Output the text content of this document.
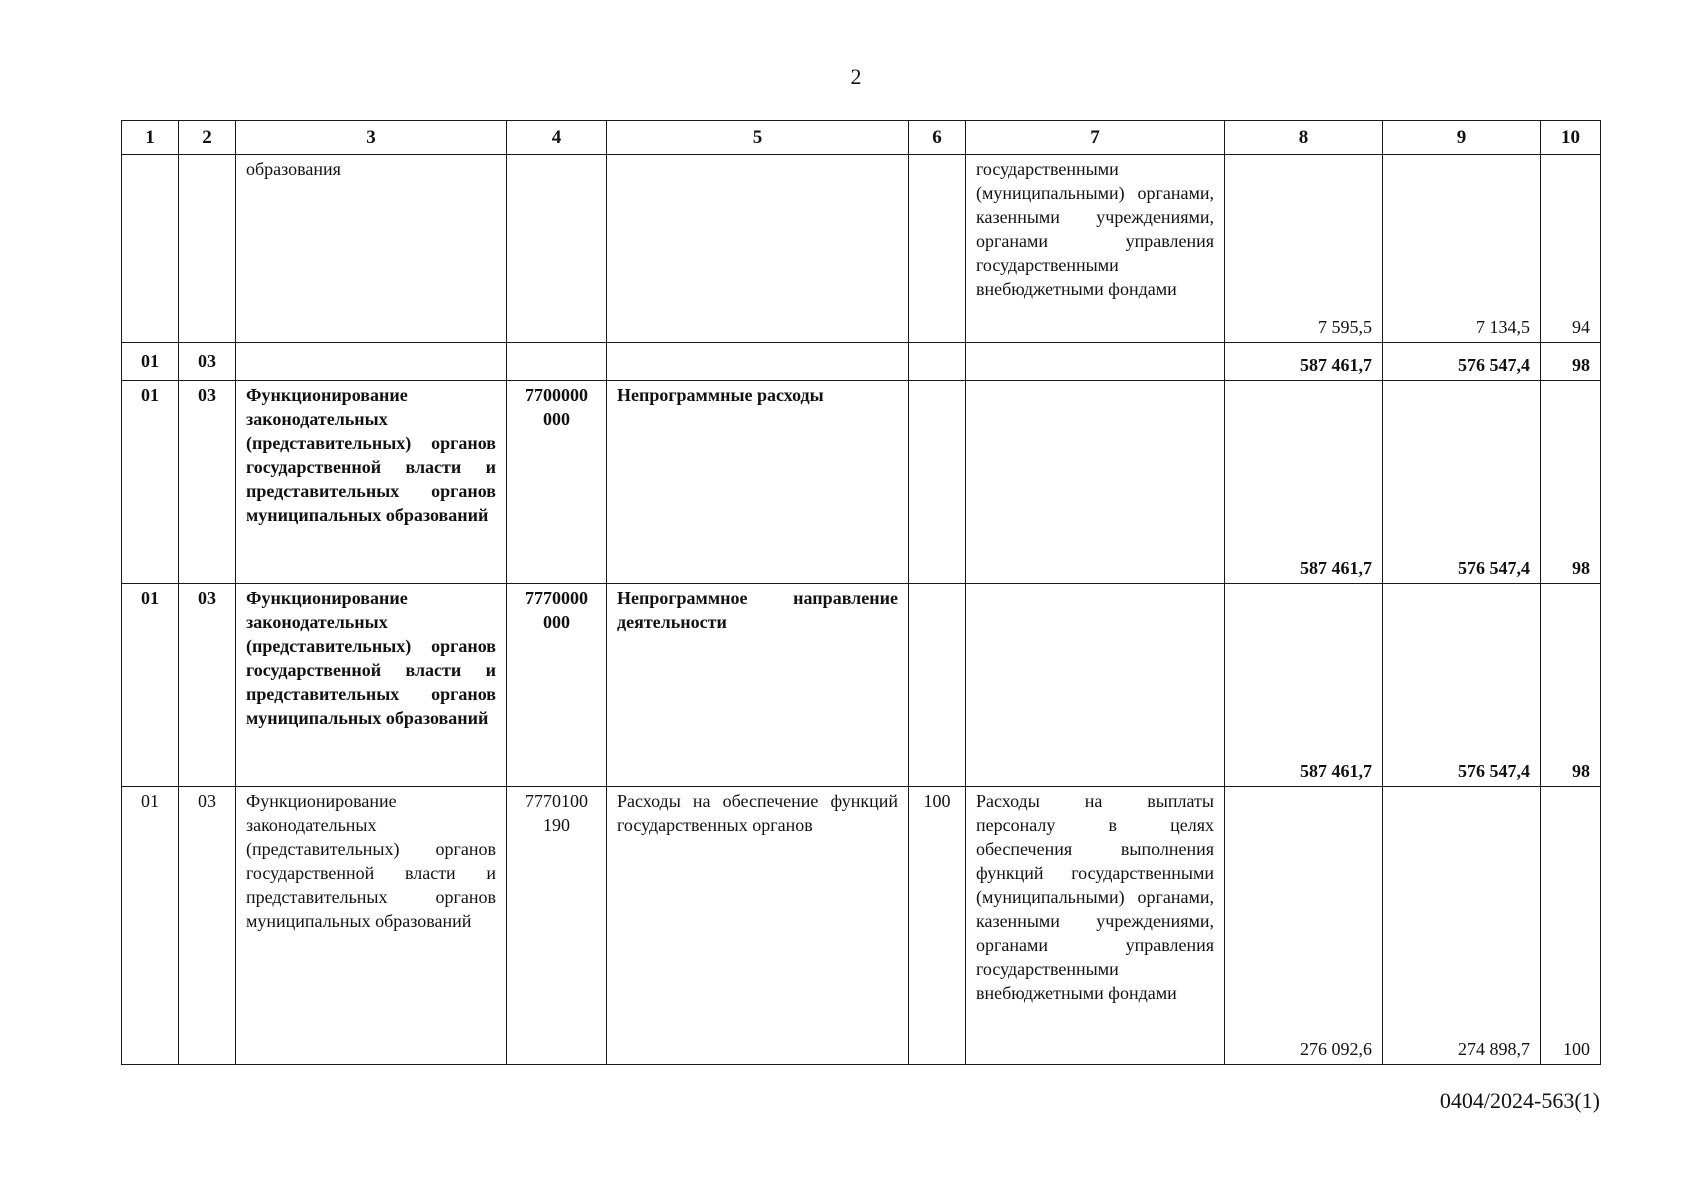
2
1	2	3	4	5	6	7	8	9	10
		образования				государственными (муниципальными) органами, казенными учреждениями, органами управления государственными внебюджетными фондами	7 595,5	7 134,5	94
01	03						587 461,7	576 547,4	98
01	03	Функционирование законодательных (представительных) органов государственной власти и представительных органов муниципальных образований	7700000 000	Непрограммные расходы			587 461,7	576 547,4	98
01	03	Функционирование законодательных (представительных) органов государственной власти и представительных органов муниципальных образований	7770000 000	Непрограммное направление деятельности			587 461,7	576 547,4	98
01	03	Функционирование законодательных (представительных) органов государственной власти и представительных органов муниципальных образований	7770100 190	Расходы на обеспечение функций государственных органов	100	Расходы на выплаты персоналу в целях обеспечения выполнения функций государственными (муниципальными) органами, казенными учреждениями, органами управления государственными внебюджетными фондами	276 092,6	274 898,7	100
0404/2024-563(1)
